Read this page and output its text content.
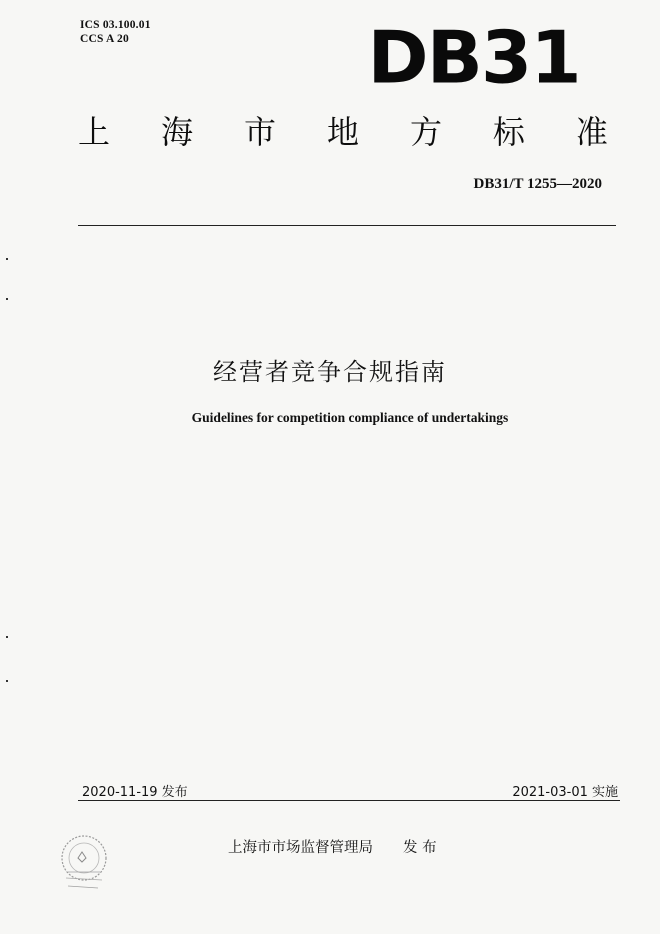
ICS 03.100.01
CCS A 20	DB31
上 海 市 地 方 标 准
DB31/T 1255—2020
经营者竞争合规指南
Guidelines for competition compliance of undertakings
2020-11-19 发布	2021-03-01 实施
上海市市场监督管理局 发 布
